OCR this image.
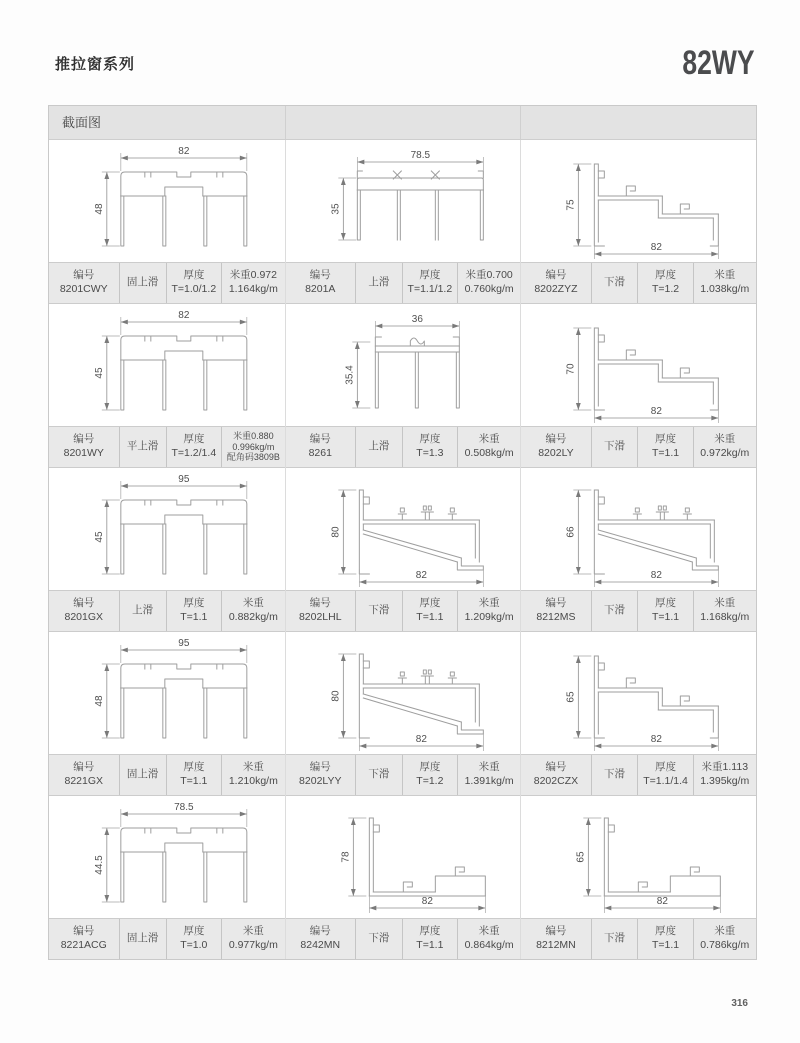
推拉窗系列	82WY
截面图
82
48
编号
8201CWY
固上滑
厚度
T=1.0/1.2
米重0.972
1.164kg/m
78.5
35
编号
8201A
上滑
厚度
T=1.1/1.2
米重0.700
0.760kg/m
82
75
编号
8202ZYZ
下滑
厚度
T=1.2
米重
1.038kg/m
82
45
编号
8201WY
平上滑
厚度
T=1.2/1.4
米重0.880
0.996kg/m
配角码3809B
36
35.4
编号
8261
上滑
厚度
T=1.3
米重
0.508kg/m
82
70
编号
8202LY
下滑
厚度
T=1.1
米重
0.972kg/m
95
45
编号
8201GX
上滑
厚度
T=1.1
米重
0.882kg/m
82
80
编号
8202LHL
下滑
厚度
T=1.1
米重
1.209kg/m
82
66
编号
8212MS
下滑
厚度
T=1.1
米重
1.168kg/m
95
48
编号
8221GX
固上滑
厚度
T=1.1
米重
1.210kg/m
82
80
编号
8202LYY
下滑
厚度
T=1.2
米重
1.391kg/m
82
65
编号
8202CZX
下滑
厚度
T=1.1/1.4
米重1.113
1.395kg/m
78.5
44.5
编号
8221ACG
固上滑
厚度
T=1.0
米重
0.977kg/m
82
78
编号
8242MN
下滑
厚度
T=1.1
米重
0.864kg/m
82
65
编号
8212MN
下滑
厚度
T=1.1
米重
0.786kg/m
316
